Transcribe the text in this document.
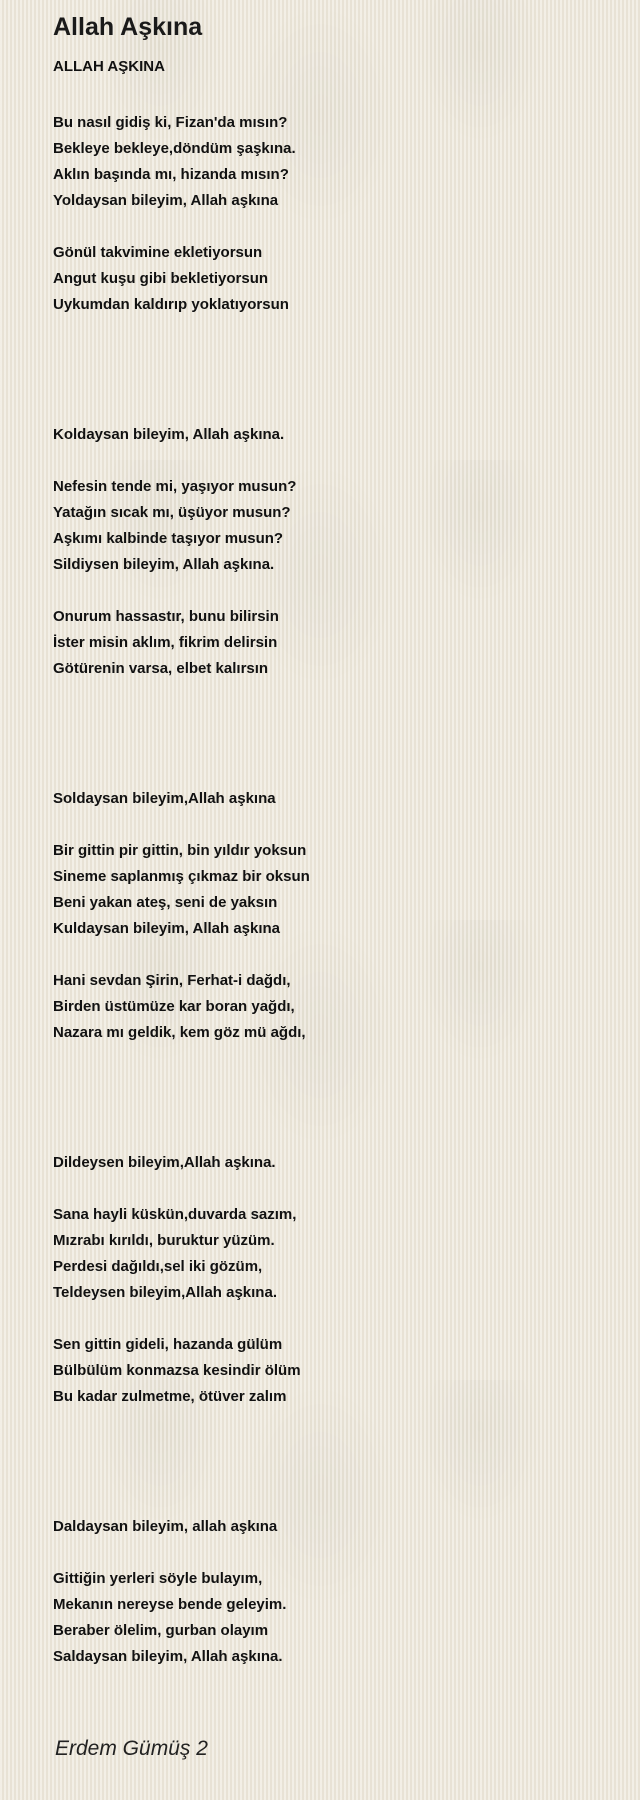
Allah Aşkına
ALLAH AŞKINA
Bu nasıl gidiş ki, Fizan'da mısın?
Bekleye bekleye,döndüm şaşkına.
Aklın başında mı, hizanda mısın?
Yoldaysan bileyim, Allah aşkına
Gönül takvimine ekletiyorsun
Angut kuşu gibi bekletiyorsun
Uykumdan kaldırıp yoklatıyorsun
Koldaysan bileyim, Allah aşkına.
Nefesin tende mi, yaşıyor musun?
Yatağın sıcak mı, üşüyor musun?
Aşkımı kalbinde taşıyor musun?
Sildiysen bileyim, Allah aşkına.
Onurum hassastır, bunu bilirsin
İster misin aklım, fikrim delirsin
Götürenin varsa, elbet kalırsın
Soldaysan bileyim,Allah aşkına
Bir gittin pir gittin, bin yıldır yoksun
Sineme saplanmış çıkmaz bir oksun
Beni yakan ateş, seni de yaksın
Kuldaysan bileyim, Allah aşkına
Hani sevdan Şirin, Ferhat-i dağdı,
Birden üstümüze kar boran yağdı,
Nazara mı geldik, kem göz mü ağdı,
Dildeysen bileyim,Allah aşkına.
Sana hayli küskün,duvarda sazım,
Mızrabı kırıldı, buruktur yüzüm.
Perdesi dağıldı,sel iki gözüm,
Teldeysen bileyim,Allah aşkına.
Sen gittin gideli, hazanda gülüm
Bülbülüm konmazsa kesindir ölüm
Bu kadar zulmetme, ötüver zalım
Daldaysan bileyim, allah aşkına
Gittiğin yerleri söyle bulayım,
Mekanın nereyse bende geleyim.
Beraber ölelim, gurban olayım
Saldaysan bileyim, Allah aşkına.
Erdem Gümüş 2
